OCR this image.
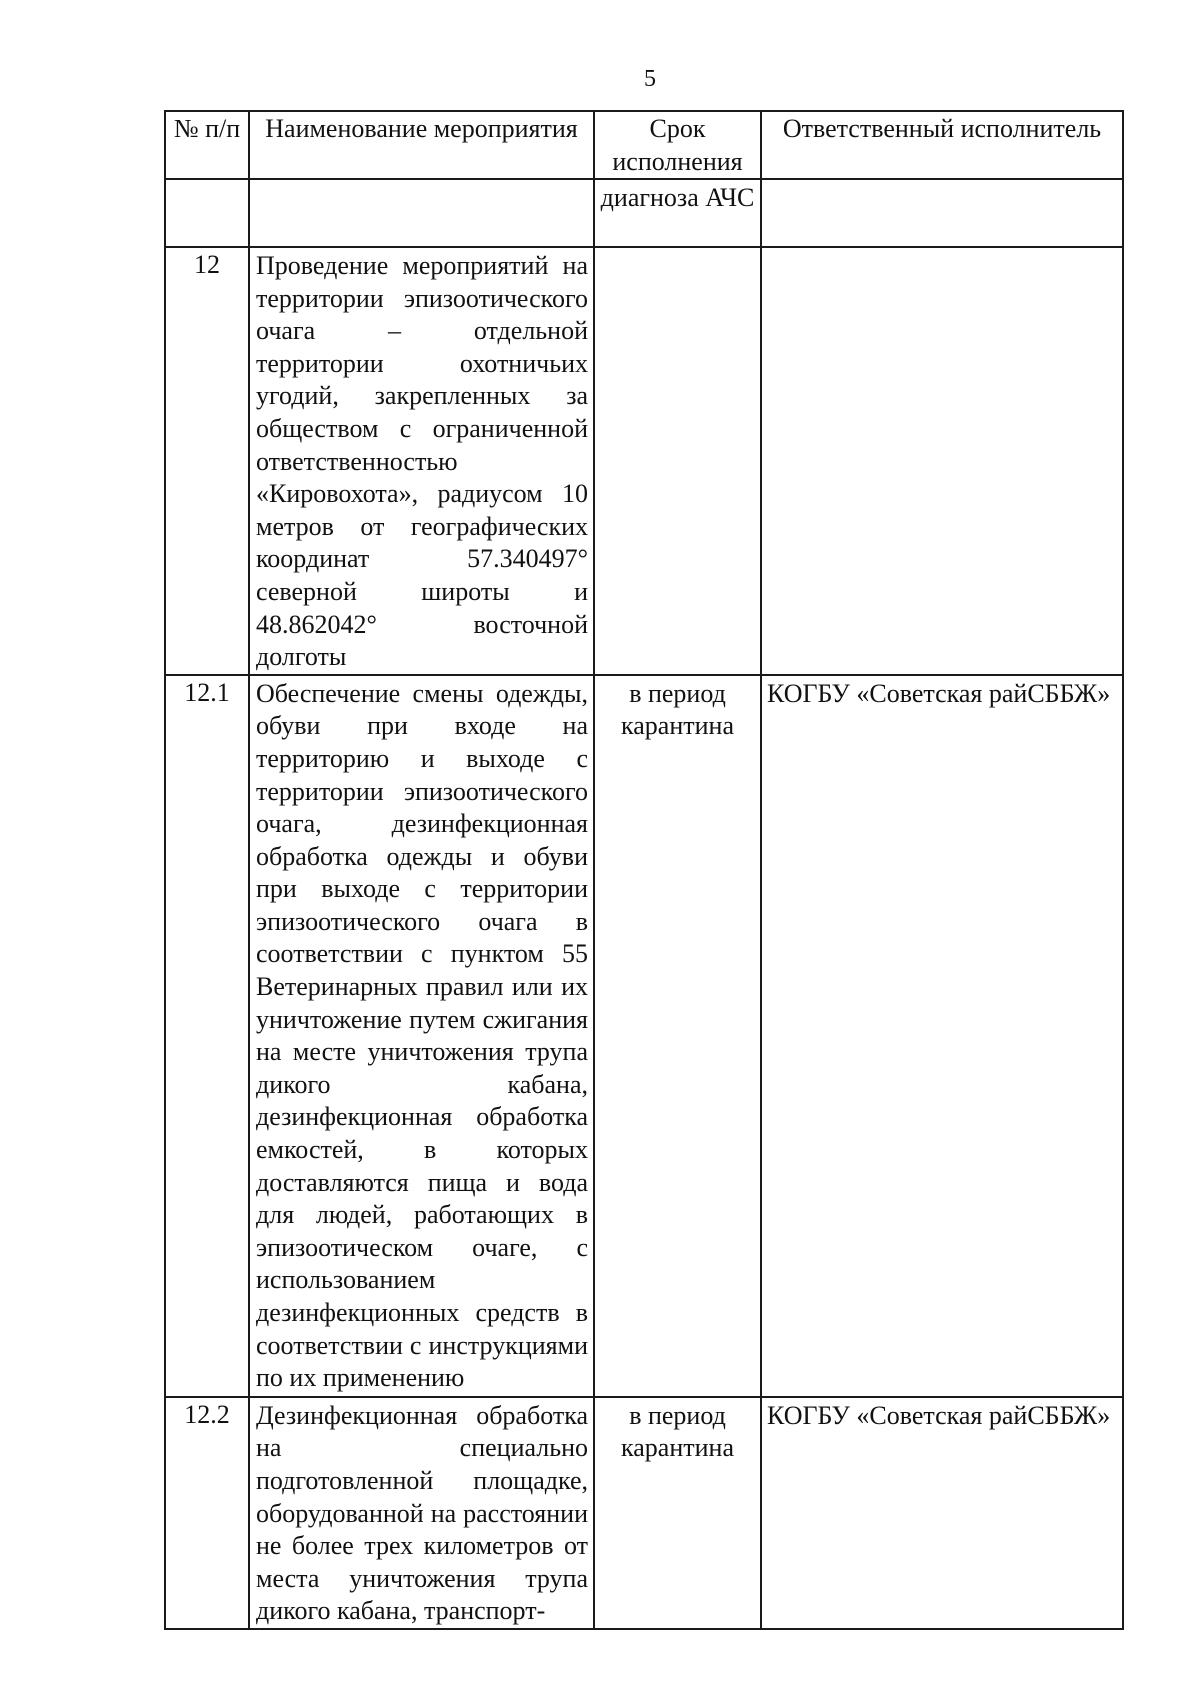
5
№ п/п	Наименование мероприятия	Срок исполнения	Ответственный исполнитель
		диагноза АЧС	
12	Проведение мероприятий на территории эпизоотического очага – отдельной территории охотничьих угодий, закрепленных за обществом с ограниченной ответственностью «Кировохота», радиусом 10 метров от географических координат 57.340497° северной широты и 48.862042° восточной долготы		
12.1	Обеспечение смены одежды, обуви при входе на территорию и выходе с территории эпизоотического очага, дезинфекционная обработка одежды и обуви при выходе с территории эпизоотического очага в соответствии с пунктом 55 Ветеринарных правил или их уничтожение путем сжигания на месте уничтожения трупа дикого кабана, дезинфекционная обработка емкостей, в которых доставляются пища и вода для людей, работающих в эпизоотическом очаге, с использованием дезинфекционных средств в соответствии с инструкциями по их применению	в период карантина	КОГБУ «Советская райСББЖ»
12.2	Дезинфекционная обработка на специально подготовленной площадке, оборудованной на расстоянии не более трех километров от места уничтожения трупа дикого кабана, транспорт-	в период карантина	КОГБУ «Советская райСББЖ»
